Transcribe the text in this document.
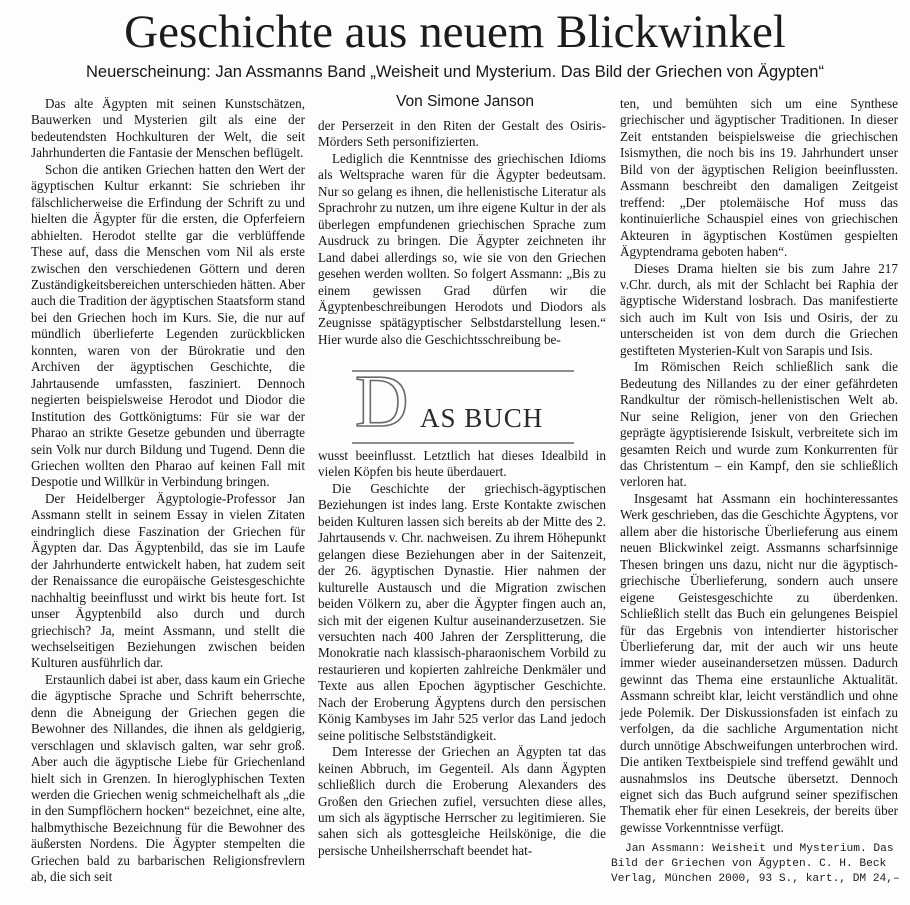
Geschichte aus neuem Blickwinkel
Neuerscheinung: Jan Assmanns Band „Weisheit und Mysterium. Das Bild der Griechen von Ägypten“
Von Simone Janson

Das alte Ägypten mit seinen Kunstschätzen, Bauwerken und Mysterien gilt als eine der bedeutendsten Hochkulturen der Welt, die seit Jahrhunderten die Fantasie der Menschen beflügelt.

Schon die antiken Griechen hatten den Wert der ägyptischen Kultur erkannt: Sie schrieben ihr fälschlicherweise die Erfindung der Schrift zu und hielten die Ägypter für die ersten, die Opferfeiern abhielten. Herodot stellte gar die verblüffende These auf, dass die Menschen vom Nil als erste zwischen den verschiedenen Göttern und deren Zuständigkeitsbereichen unterschieden hätten. Aber auch die Tradition der ägyptischen Staatsform stand bei den Griechen hoch im Kurs. Sie, die nur auf mündlich überlieferte Legenden zurückblicken konnten, waren von der Bürokratie und den Archiven der ägyptischen Geschichte, die Jahrtausende umfassten, fasziniert. Dennoch negierten beispielsweise Herodot und Diodor die Institution des Gottkönigtums: Für sie war der Pharao an strikte Gesetze gebunden und überragte sein Volk nur durch Bildung und Tugend. Denn die Griechen wollten den Pharao auf keinen Fall mit Despotie und Willkür in Verbindung bringen.

Der Heidelberger Ägyptologie-Professor Jan Assmann stellt in seinem Essay in vielen Zitaten eindringlich diese Faszination der Griechen für Ägypten dar. Das Ägyptenbild, das sie im Laufe der Jahrhunderte entwickelt haben, hat zudem seit der Renaissance die europäische Geistesgeschichte nachhaltig beeinflusst und wirkt bis heute fort. Ist unser Ägyptenbild also durch und durch griechisch? Ja, meint Assmann, und stellt die wechselseitigen Beziehungen zwischen beiden Kulturen ausführlich dar.

Erstaunlich dabei ist aber, dass kaum ein Grieche die ägyptische Sprache und Schrift beherrschte, denn die Abneigung der Griechen gegen die Bewohner des Nillandes, die ihnen als geldgierig, verschlagen und sklavisch galten, war sehr groß. Aber auch die ägyptische Liebe für Griechenland hielt sich in Grenzen. In hieroglyphischen Texten werden die Griechen wenig schmeichelhaft als „die in den Sumpflöchern hocken“ bezeichnet, eine alte, halbmythische Bezeichnung für die Bewohner des äußersten Nordens. Die Ägypter stempelten die Griechen bald zu barbarischen Religionsfrevlern ab, die sich seit

der Perserzeit in den Riten der Gestalt des Osiris-Mörders Seth personifizierten.

Lediglich die Kenntnisse des griechischen Idioms als Weltsprache waren für die Ägypter bedeutsam. Nur so gelang es ihnen, die hellenistische Literatur als Sprachrohr zu nutzen, um ihre eigene Kultur in der als überlegen empfundenen griechischen Sprache zum Ausdruck zu bringen. Die Ägypter zeichneten ihr Land dabei allerdings so, wie sie von den Griechen gesehen werden wollten. So folgert Assmann: „Bis zu einem gewissen Grad dürfen wir die Ägyptenbeschreibungen Herodots und Diodors als Zeugnisse spätägyptischer Selbstdarstellung lesen.“ Hier wurde also die Geschichtsschreibung be-

D AS BUCH

wusst beeinflusst. Letztlich hat dieses Idealbild in vielen Köpfen bis heute überdauert.

Die Geschichte der griechisch-ägyptischen Beziehungen ist indes lang. Erste Kontakte zwischen beiden Kulturen lassen sich bereits ab der Mitte des 2. Jahrtausends v. Chr. nachweisen. Zu ihrem Höhepunkt gelangen diese Beziehungen aber in der Saitenzeit, der 26. ägyptischen Dynastie. Hier nahmen der kulturelle Austausch und die Migration zwischen beiden Völkern zu, aber die Ägypter fingen auch an, sich mit der eigenen Kultur auseinanderzusetzen. Sie versuchten nach 400 Jahren der Zersplitterung, die Monokratie nach klassisch-pharaonischem Vorbild zu restaurieren und kopierten zahlreiche Denkmäler und Texte aus allen Epochen ägyptischer Geschichte. Nach der Eroberung Ägyptens durch den persischen König Kambyses im Jahr 525 verlor das Land jedoch seine politische Selbstständigkeit.

Dem Interesse der Griechen an Ägypten tat das keinen Abbruch, im Gegenteil. Als dann Ägypten schließlich durch die Eroberung Alexanders des Großen den Griechen zufiel, versuchten diese alles, um sich als ägyptische Herrscher zu legitimieren. Sie sahen sich als gottesgleiche Heilskönige, die die persische Unheilsherrschaft beendet hat-

ten, und bemühten sich um eine Synthese griechischer und ägyptischer Traditionen. In dieser Zeit entstanden beispielsweise die griechischen Isismythen, die noch bis ins 19. Jahrhundert unser Bild von der ägyptischen Religion beeinflussten. Assmann beschreibt den damaligen Zeitgeist treffend: „Der ptolemäische Hof muss das kontinuierliche Schauspiel eines von griechischen Akteuren in ägyptischen Kostümen gespielten Ägyptendrama geboten haben“.

Dieses Drama hielten sie bis zum Jahre 217 v.Chr. durch, als mit der Schlacht bei Raphia der ägyptische Widerstand losbrach. Das manifestierte sich auch im Kult von Isis und Osiris, der zu unterscheiden ist von dem durch die Griechen gestifteten Mysterien-Kult von Sarapis und Isis.

Im Römischen Reich schließlich sank die Bedeutung des Nillandes zu der einer gefährdeten Randkultur der römisch-hellenistischen Welt ab. Nur seine Religion, jener von den Griechen geprägte ägyptisierende Isiskult, verbreitete sich im gesamten Reich und wurde zum Konkurrenten für das Christentum – ein Kampf, den sie schließlich verloren hat.

Insgesamt hat Assmann ein hochinteressantes Werk geschrieben, das die Geschichte Ägyptens, vor allem aber die historische Überlieferung aus einem neuen Blickwinkel zeigt. Assmanns scharfsinnige Thesen bringen uns dazu, nicht nur die ägyptisch-griechische Überlieferung, sondern auch unsere eigene Geistesgeschichte zu überdenken. Schließlich stellt das Buch ein gelungenes Beispiel für das Ergebnis von intendierter historischer Überlieferung dar, mit der auch wir uns heute immer wieder auseinandersetzen müssen. Dadurch gewinnt das Thema eine erstaunliche Aktualität. Assmann schreibt klar, leicht verständlich und ohne jede Polemik. Der Diskussionsfaden ist einfach zu verfolgen, da die sachliche Argumentation nicht durch unnötige Abschweifungen unterbrochen wird. Die antiken Textbeispiele sind treffend gewählt und ausnahmslos ins Deutsche übersetzt. Dennoch eignet sich das Buch aufgrund seiner spezifischen Thematik eher für einen Lesekreis, der bereits über gewisse Vorkenntnisse verfügt.

Jan Assmann: Weisheit und Mysterium. Das Bild der Griechen von Ägypten. C. H. Beck Verlag, München 2000, 93 S., kart., DM 24,–
